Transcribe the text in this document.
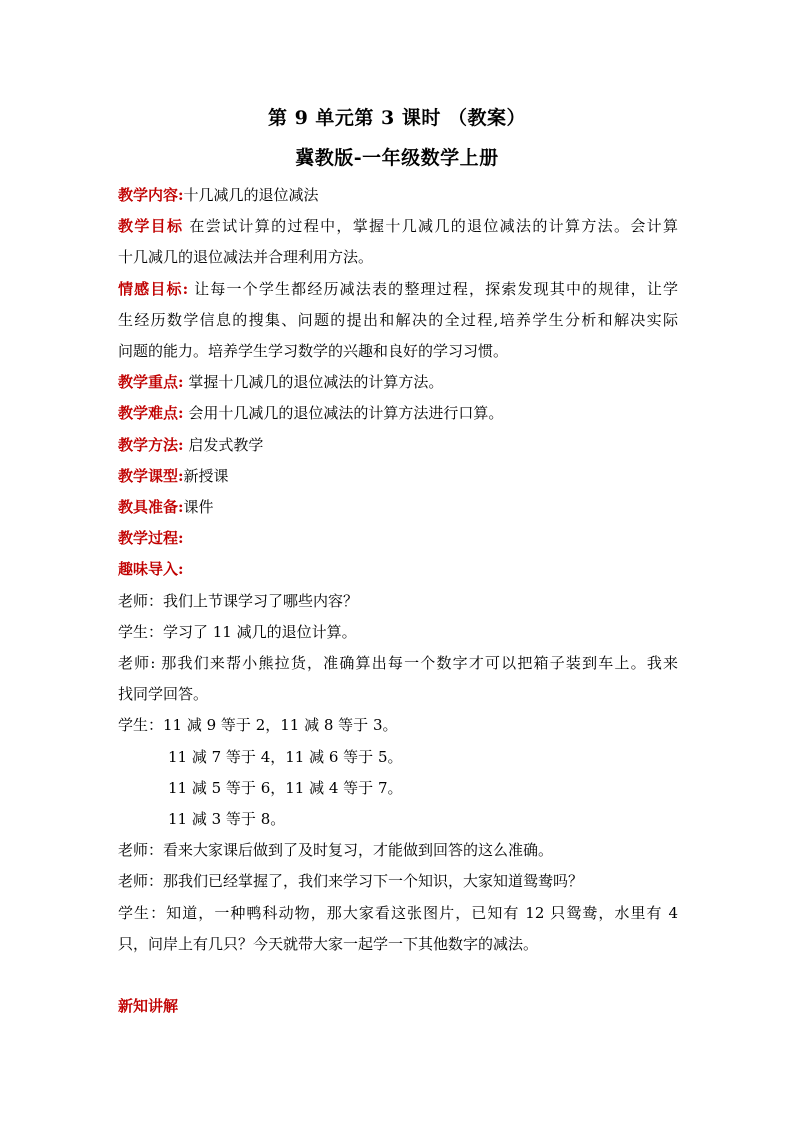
第 9 单元第 3 课时 （教案）
冀教版-一年级数学上册

教学内容:十几减几的退位减法

教学目标 在尝试计算的过程中，掌握十几减几的退位减法的计算方法。会计算

十几减几的退位减法并合理利用方法。

情感目标: 让每一个学生都经历减法表的整理过程，探索发现其中的规律，让学

生经历数学信息的搜集、问题的提出和解决的全过程,培养学生分析和解决实际

问题的能力。培养学生学习数学的兴趣和良好的学习习惯。

教学重点: 掌握十几减几的退位减法的计算方法。

教学难点: 会用十几减几的退位减法的计算方法进行口算。

教学方法: 启发式教学

教学课型:新授课

教具准备:课件

教学过程:

趣味导入:

老师：我们上节课学习了哪些内容？

学生：学习了 11 减几的退位计算。

老师: 那我们来帮小熊拉货，准确算出每一个数字才可以把箱子装到车上。我来

找同学回答。

学生：11 减 9 等于 2，11 减 8 等于 3。

11 减 7 等于 4，11 减 6 等于 5。

11 减 5 等于 6，11 减 4 等于 7。

11 减 3 等于 8。

老师：看来大家课后做到了及时复习，才能做到回答的这么准确。

老师：那我们已经掌握了，我们来学习下一个知识，大家知道鸳鸯吗？

学生：知道，一种鸭科动物，那大家看这张图片，已知有 12 只鸳鸯，水里有 4

只，问岸上有几只？今天就带大家一起学一下其他数字的减法。

新知讲解
